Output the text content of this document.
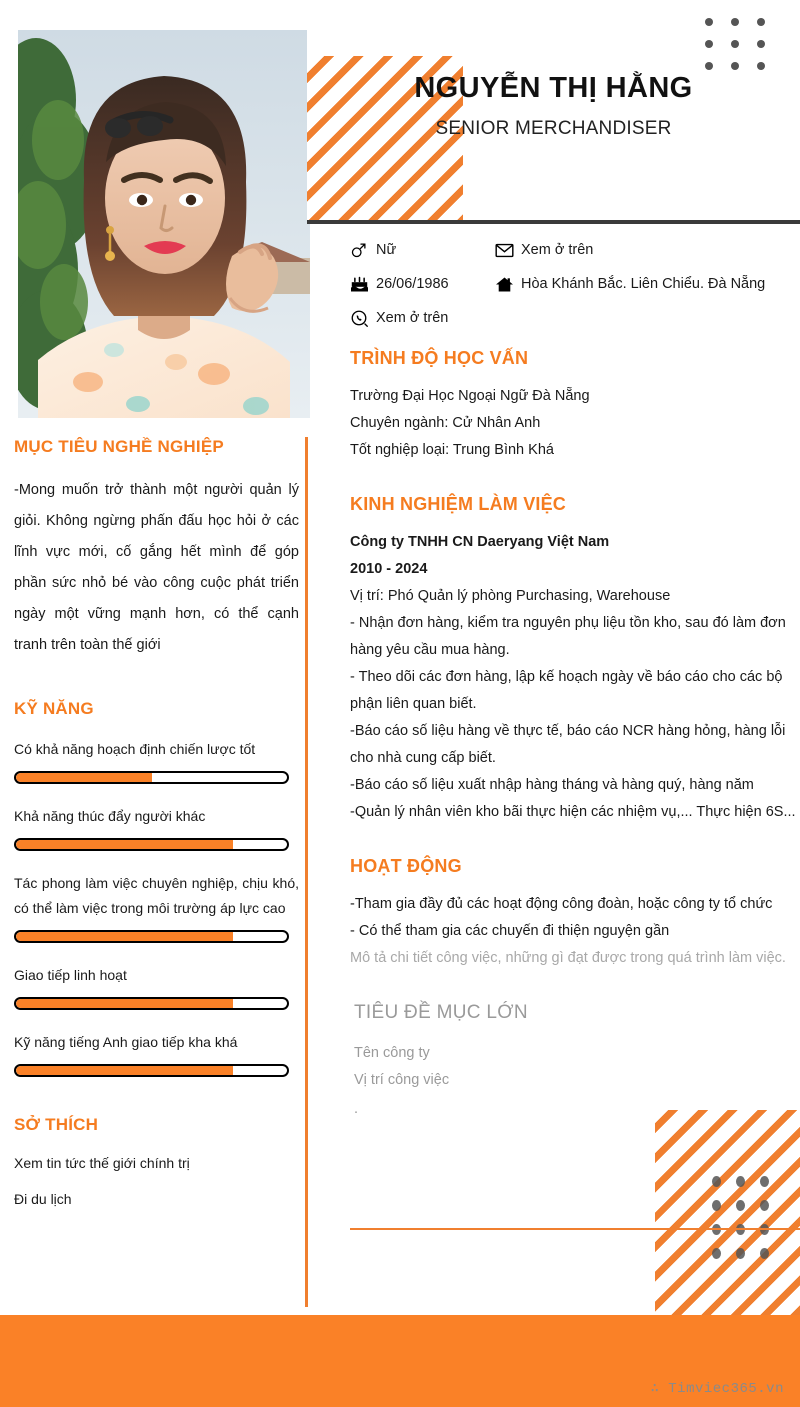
NGUYỄN THỊ HẰNG
SENIOR MERCHANDISER
MỤC TIÊU NGHỀ NGHIỆP

-Mong muốn trở thành một người quản lý giỏi. Không ngừng phấn đấu học hỏi ở các lĩnh vực mới, cố gắng hết mình để góp phần sức nhỏ bé vào công cuộc phát triển ngày một vững mạnh hơn, có thể cạnh tranh trên toàn thế giới

KỸ NĂNG

Có khả năng hoạch định chiến lược tốt

Khả năng thúc đẩy người khác

Tác phong làm việc chuyên nghiệp, chịu khó, có thể làm việc trong môi trường áp lực cao

Giao tiếp linh hoạt

Kỹ năng tiếng Anh giao tiếp kha khá

SỞ THÍCH

Xem tin tức thế giới chính trị

Đi du lịch

Nữ	Xem ở trên
26/06/1986	Hòa Khánh Bắc. Liên Chiểu. Đà Nẵng
Xem ở trên
TRÌNH ĐỘ HỌC VẤN

Trường Đại Học Ngoại Ngữ Đà Nẵng

Chuyên ngành: Cử Nhân Anh

Tốt nghiệp loại: Trung Bình Khá

KINH NGHIỆM LÀM VIỆC

Công ty TNHH CN Daeryang Việt Nam

2010 - 2024

Vị trí: Phó Quản lý phòng Purchasing, Warehouse

- Nhận đơn hàng, kiểm tra nguyên phụ liệu tồn kho, sau đó làm đơn hàng yêu cầu mua hàng.

- Theo dõi các đơn hàng, lập kế hoạch ngày về báo cáo cho các bộ phận liên quan biết.

-Báo cáo số liệu hàng về thực tế, báo cáo NCR hàng hỏng, hàng lỗi cho nhà cung cấp biết.

-Báo cáo số liệu xuất nhập hàng tháng và hàng quý, hàng năm

-Quản lý nhân viên kho bãi thực hiện các nhiệm vụ,... Thực hiện 6S...

HOẠT ĐỘNG

-Tham gia đầy đủ các hoạt động công đoàn, hoặc công ty tổ chức

- Có thể tham gia các chuyến đi thiện nguyện gần

Mô tả chi tiết công việc, những gì đạt được trong quá trình làm việc.

TIÊU ĐỀ MỤC LỚN

Tên công ty

Vị trí công việc

.

∴ Timviec365.vn
